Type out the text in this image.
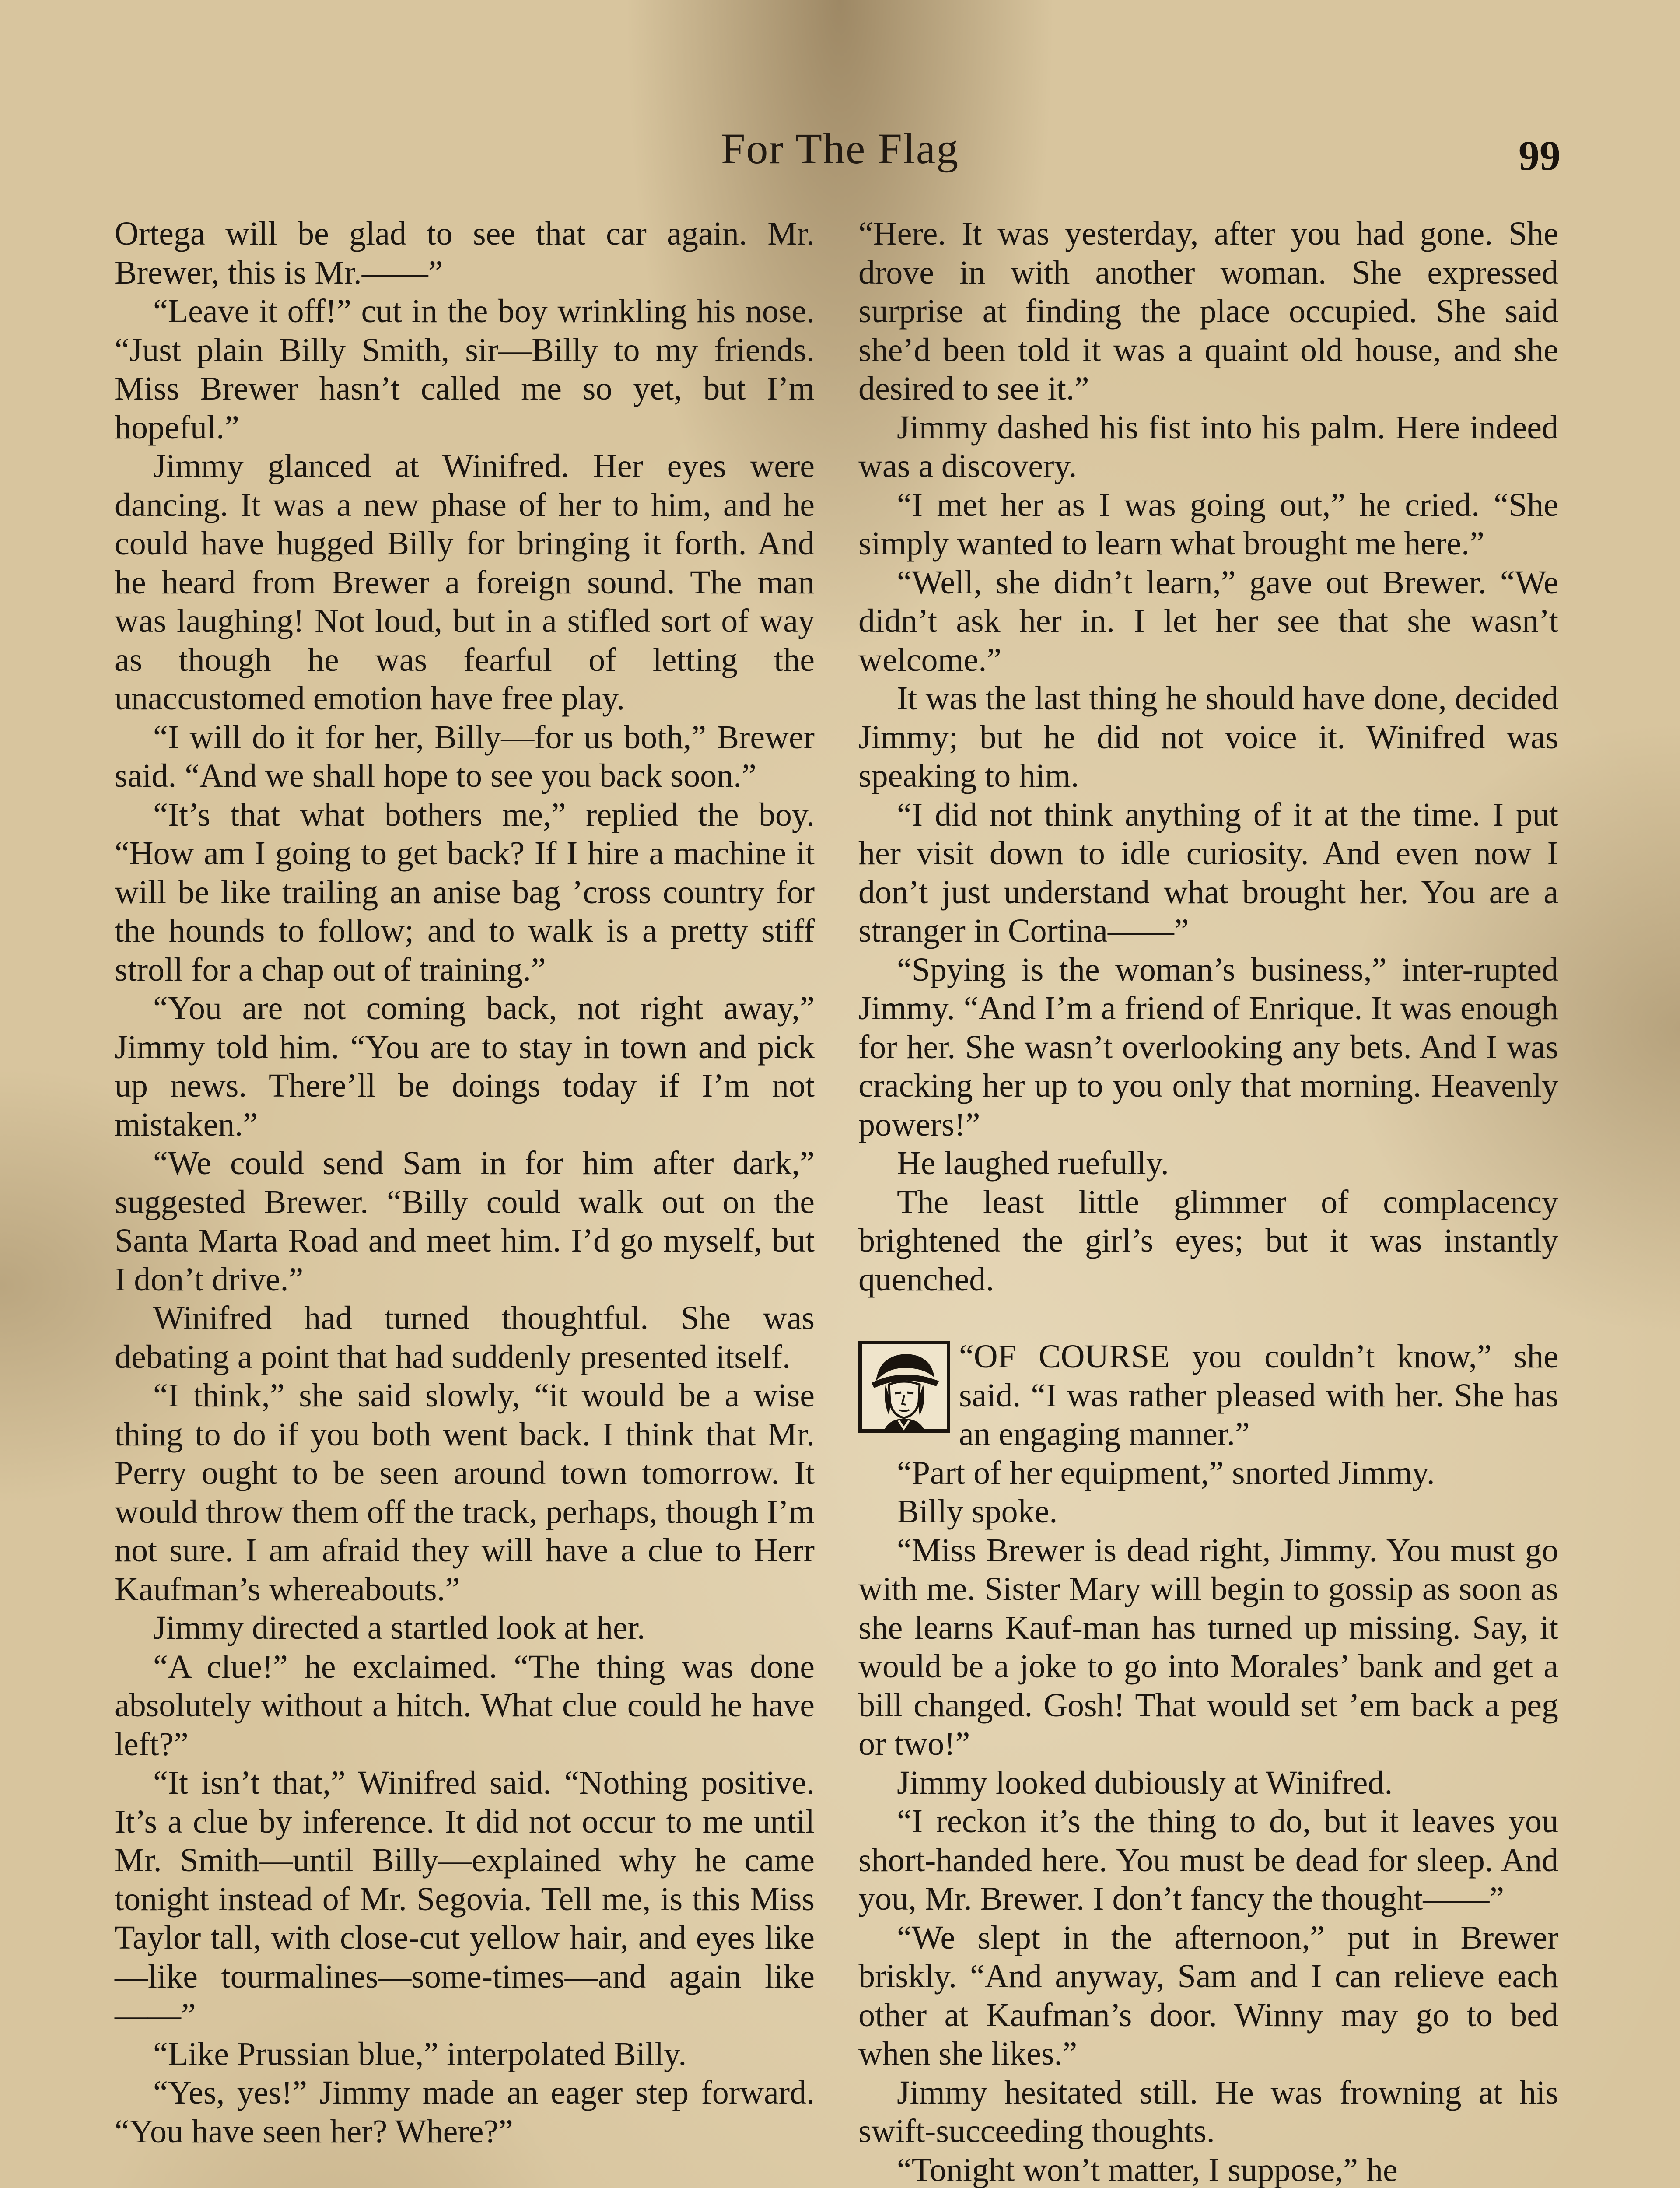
For The Flag	99

Ortega will be glad to see that car again. Mr. Brewer, this is Mr.——”

“Leave it off!” cut in the boy wrinkling his nose. “Just plain Billy Smith, sir—Billy to my friends. Miss Brewer hasn’t called me so yet, but I’m hopeful.”

Jimmy glanced at Winifred. Her eyes were dancing. It was a new phase of her to him, and he could have hugged Billy for bringing it forth. And he heard from Brewer a foreign sound. The man was laughing! Not loud, but in a stifled sort of way as though he was fearful of letting the unaccustomed emotion have free play.

“I will do it for her, Billy—for us both,” Brewer said. “And we shall hope to see you back soon.”

“It’s that what bothers me,” replied the boy. “How am I going to get back? If I hire a machine it will be like trailing an anise bag ’cross country for the hounds to follow; and to walk is a pretty stiff stroll for a chap out of training.”

“You are not coming back, not right away,” Jimmy told him. “You are to stay in town and pick up news. There’ll be doings today if I’m not mistaken.”

“We could send Sam in for him after dark,” suggested Brewer. “Billy could walk out on the Santa Marta Road and meet him. I’d go myself, but I don’t drive.”

Winifred had turned thoughtful. She was debating a point that had suddenly presented itself.

“I think,” she said slowly, “it would be a wise thing to do if you both went back. I think that Mr. Perry ought to be seen around town tomorrow. It would throw them off the track, perhaps, though I’m not sure. I am afraid they will have a clue to Herr Kaufman’s whereabouts.”

Jimmy directed a startled look at her.

“A clue!” he exclaimed. “The thing was done absolutely without a hitch. What clue could he have left?”

“It isn’t that,” Winifred said. “Nothing positive. It’s a clue by inference. It did not occur to me until Mr. Smith—until Billy—explained why he came tonight instead of Mr. Segovia. Tell me, is this Miss Taylor tall, with close-cut yellow hair, and eyes like—like tourmalines—some-times—and again like——”

“Like Prussian blue,” interpolated Billy.

“Yes, yes!” Jimmy made an eager step forward. “You have seen her? Where?”

“Here. It was yesterday, after you had gone. She drove in with another woman. She expressed surprise at finding the place occupied. She said she’d been told it was a quaint old house, and she desired to see it.”

Jimmy dashed his fist into his palm. Here indeed was a discovery.

“I met her as I was going out,” he cried. “She simply wanted to learn what brought me here.”

“Well, she didn’t learn,” gave out Brewer. “We didn’t ask her in. I let her see that she wasn’t welcome.”

It was the last thing he should have done, decided Jimmy; but he did not voice it. Winifred was speaking to him.

“I did not think anything of it at the time. I put her visit down to idle curiosity. And even now I don’t just understand what brought her. You are a stranger in Cortina——”

“Spying is the woman’s business,” inter-rupted Jimmy. “And I’m a friend of Enrique. It was enough for her. She wasn’t overlooking any bets. And I was cracking her up to you only that morning. Heavenly powers!”

He laughed ruefully.

The least little glimmer of complacency brightened the girl’s eyes; but it was instantly quenched.

“OF COURSE you couldn’t know,” she said. “I was rather pleased with her. She has an engaging manner.”

“Part of her equipment,” snorted Jimmy.

Billy spoke.

“Miss Brewer is dead right, Jimmy. You must go with me. Sister Mary will begin to gossip as soon as she learns Kauf-man has turned up missing. Say, it would be a joke to go into Morales’ bank and get a bill changed. Gosh! That would set ’em back a peg or two!”

Jimmy looked dubiously at Winifred.

“I reckon it’s the thing to do, but it leaves you short-handed here. You must be dead for sleep. And you, Mr. Brewer. I don’t fancy the thought——”

“We slept in the afternoon,” put in Brewer briskly. “And anyway, Sam and I can relieve each other at Kaufman’s door. Winny may go to bed when she likes.”

Jimmy hesitated still. He was frowning at his swift-succeeding thoughts.

“Tonight won’t matter, I suppose,” he
